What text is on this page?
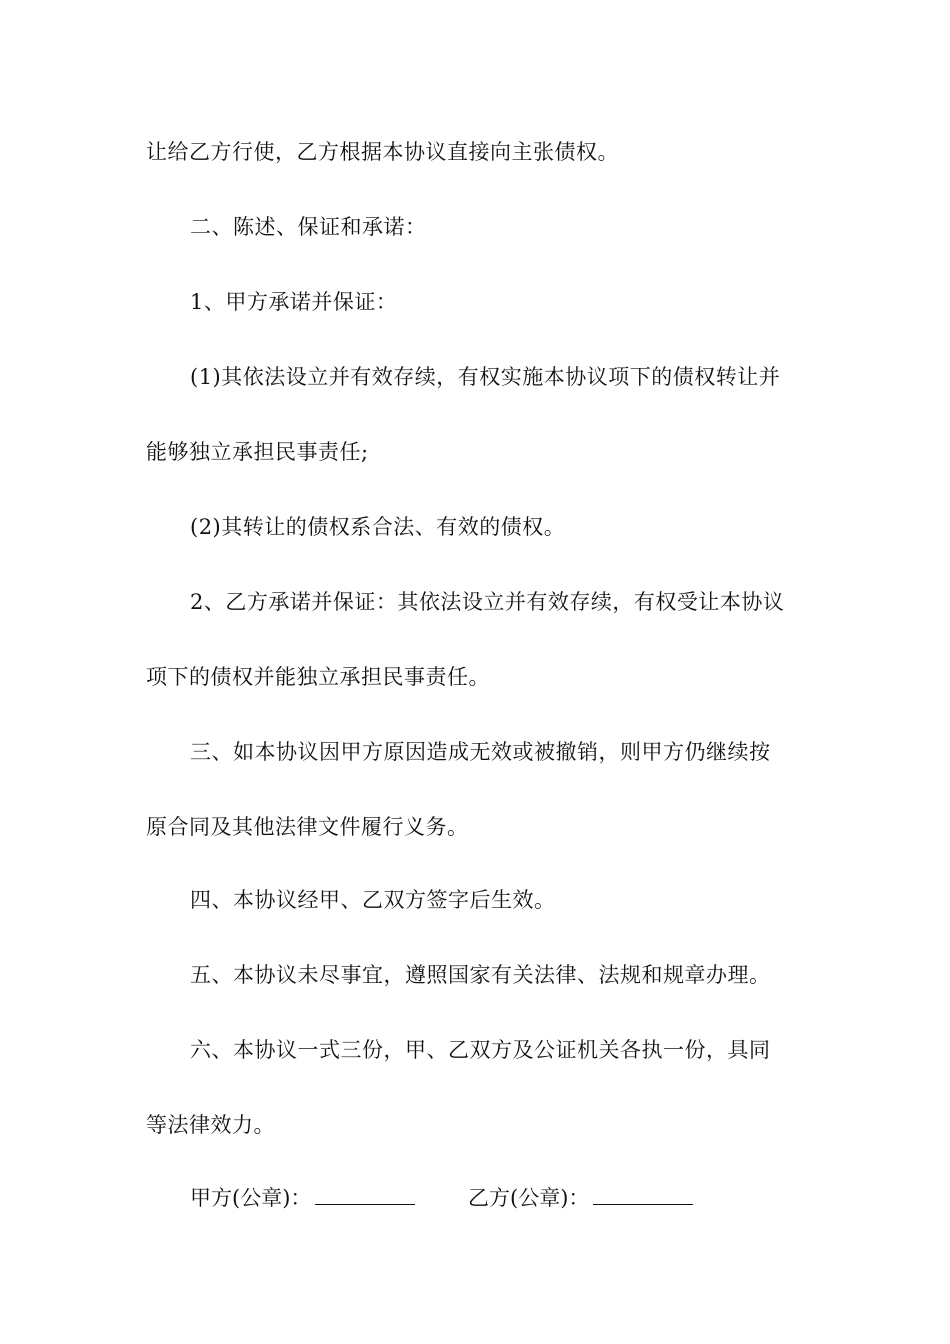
让给乙方行使，乙方根据本协议直接向主张债权。
二、陈述、保证和承诺：
1、甲方承诺并保证：
(1)其依法设立并有效存续，有权实施本协议项下的债权转让并
能够独立承担民事责任;
(2)其转让的债权系合法、有效的债权。
2、乙方承诺并保证：其依法设立并有效存续，有权受让本协议
项下的债权并能独立承担民事责任。
三、如本协议因甲方原因造成无效或被撤销，则甲方仍继续按
原合同及其他法律文件履行义务。
四、本协议经甲、乙双方签字后生效。
五、本协议未尽事宜，遵照国家有关法律、法规和规章办理。
六、本协议一式三份，甲、乙双方及公证机关各执一份，具同
等法律效力。
甲方(公章)：	乙方(公章)：
